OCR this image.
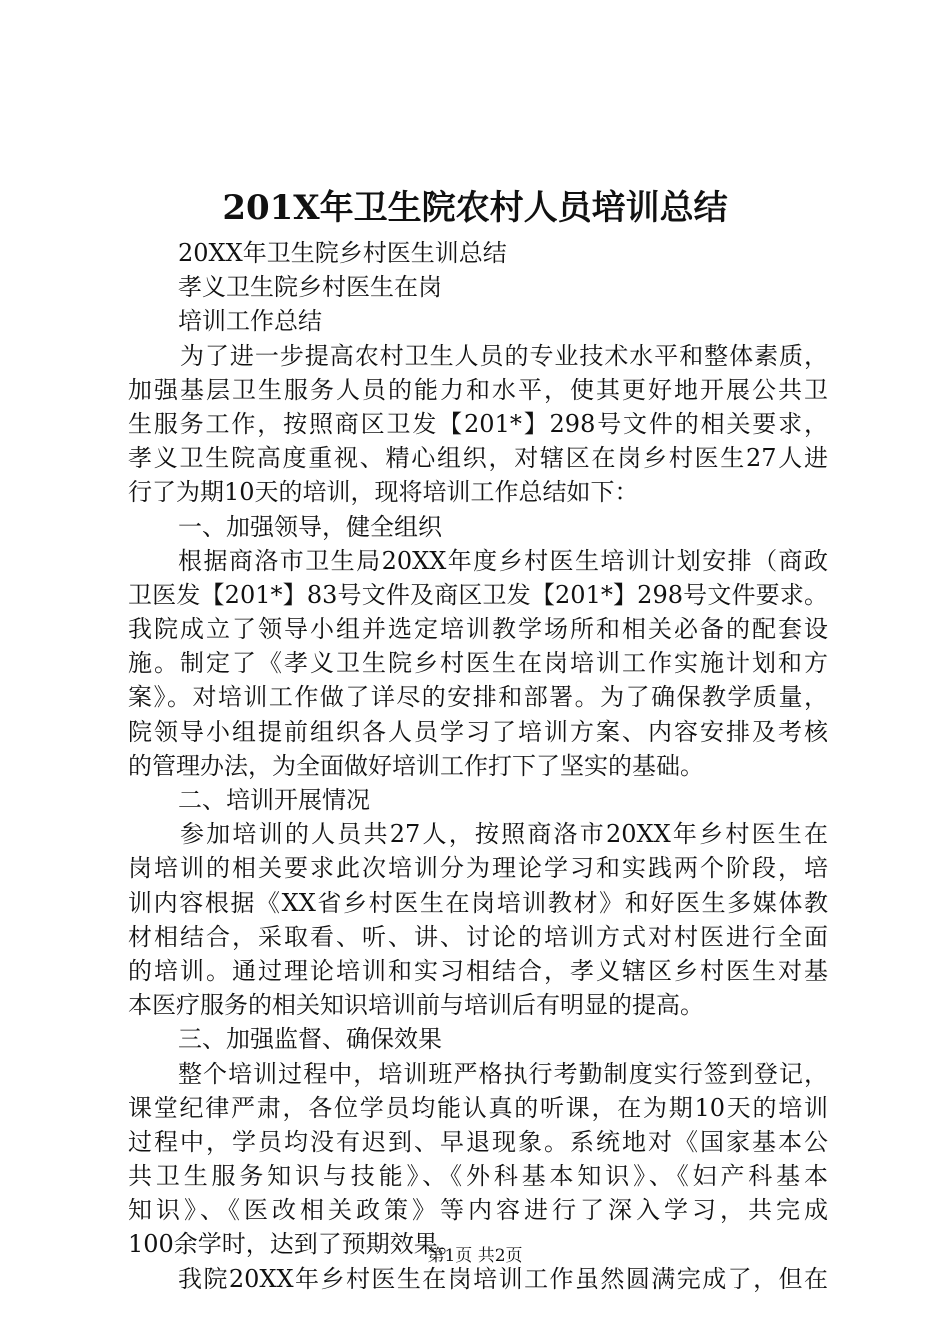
201X年卫生院农村人员培训总结
20XX年卫生院乡村医生训总结
孝义卫生院乡村医生在岗
培训工作总结
为了进一步提高农村卫生人员的专业技术水平和整体素质，
加强基层卫生服务人员的能力和水平，使其更好地开展公共卫
生服务工作，按照商区卫发【201*】298号文件的相关要求，
孝义卫生院高度重视、精心组织，对辖区在岗乡村医生27人进
行了为期10天的培训，现将培训工作总结如下：
一、加强领导，健全组织
根据商洛市卫生局20XX年度乡村医生培训计划安排（商政
卫医发【201*】83号文件及商区卫发【201*】298号文件要求。
我院成立了领导小组并选定培训教学场所和相关必备的配套设
施。制定了《孝义卫生院乡村医生在岗培训工作实施计划和方
案》。对培训工作做了详尽的安排和部署。为了确保教学质量，
院领导小组提前组织各人员学习了培训方案、内容安排及考核
的管理办法，为全面做好培训工作打下了坚实的基础。
二、培训开展情况
参加培训的人员共27人，按照商洛市20XX年乡村医生在
岗培训的相关要求此次培训分为理论学习和实践两个阶段，培
训内容根据《XX省乡村医生在岗培训教材》和好医生多媒体教
材相结合，采取看、听、讲、讨论的培训方式对村医进行全面
的培训。通过理论培训和实习相结合，孝义辖区乡村医生对基
本医疗服务的相关知识培训前与培训后有明显的提高。
三、加强监督、确保效果
整个培训过程中，培训班严格执行考勤制度实行签到登记，
课堂纪律严肃，各位学员均能认真的听课，在为期10天的培训
过程中，学员均没有迟到、早退现象。系统地对《国家基本公
共卫生服务知识与技能》、《外科基本知识》、《妇产科基本
知识》、《医改相关政策》等内容进行了深入学习，共完成
100余学时，达到了预期效果。
我院20XX年乡村医生在岗培训工作虽然圆满完成了，但在
第1页 共2页
